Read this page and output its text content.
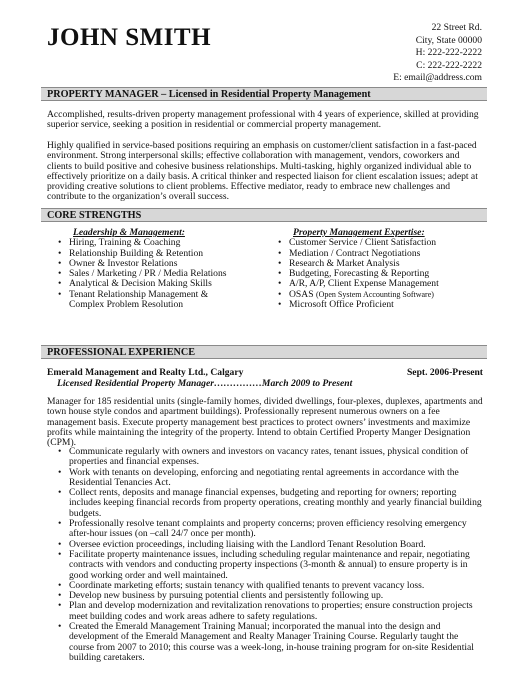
JOHN SMITH	22 Street Rd.
City, State 00000
H: 222-222-2222
C: 222-222-2222
E: email@address.com
PROPERTY MANAGER – Licensed in Residential Property Management
Accomplished, results-driven property management professional with 4 years of experience, skilled at providing superior service, seeking a position in residential or commercial property management.
Highly qualified in service-based positions requiring an emphasis on customer/client satisfaction in a fast-paced environment. Strong interpersonal skills; effective collaboration with management, vendors, coworkers and clients to build positive and cohesive business relationships. Multi-tasking, highly organized individual able to effectively prioritize on a daily basis. A critical thinker and respected liaison for client escalation issues; adept at providing creative solutions to client problems. Effective mediator, ready to embrace new challenges and contribute to the organization’s overall success.
CORE STRENGTHS
Leadership & Management:
• Hiring, Training & Coaching
• Relationship Building & Retention
• Owner & Investor Relations
• Sales / Marketing / PR / Media Relations
• Analytical & Decision Making Skills
• Tenant Relationship Management & Complex Problem Resolution
Property Management Expertise:
• Customer Service / Client Satisfaction
• Mediation / Contract Negotiations
• Research & Market Analysis
• Budgeting, Forecasting & Reporting
• A/R, A/P, Client Expense Management
• OSAS (Open System Accounting Software)
• Microsoft Office Proficient
PROFESSIONAL EXPERIENCE
Emerald Management and Realty Ltd., Calgary	Sept. 2006-Present
Licensed Residential Property Manager……………March 2009 to Present
Manager for 185 residential units (single-family homes, divided dwellings, four-plexes, duplexes, apartments and town house style condos and apartment buildings). Professionally represent numerous owners on a fee management basis. Execute property management best practices to protect owners’ investments and maximize profits while maintaining the integrity of the property. Intend to obtain Certified Property Manger Designation (CPM).
• Communicate regularly with owners and investors on vacancy rates, tenant issues, physical condition of properties and financial expenses.
• Work with tenants on developing, enforcing and negotiating rental agreements in accordance with the Residential Tenancies Act.
• Collect rents, deposits and manage financial expenses, budgeting and reporting for owners; reporting includes keeping financial records from property operations, creating monthly and yearly financial building budgets.
• Professionally resolve tenant complaints and property concerns; proven efficiency resolving emergency after-hour issues (on –call 24/7 once per month).
• Oversee eviction proceedings, including liaising with the Landlord Tenant Resolution Board.
• Facilitate property maintenance issues, including scheduling regular maintenance and repair, negotiating contracts with vendors and conducting property inspections (3-month & annual) to ensure property is in good working order and well maintained.
• Coordinate marketing efforts; sustain tenancy with qualified tenants to prevent vacancy loss.
• Develop new business by pursuing potential clients and persistently following up.
• Plan and develop modernization and revitalization renovations to properties; ensure construction projects meet building codes and work areas adhere to safety regulations.
• Created the Emerald Management Training Manual; incorporated the manual into the design and development of the Emerald Management and Realty Manager Training Course. Regularly taught the course from 2007 to 2010; this course was a week-long, in-house training program for on-site Residential building caretakers.
